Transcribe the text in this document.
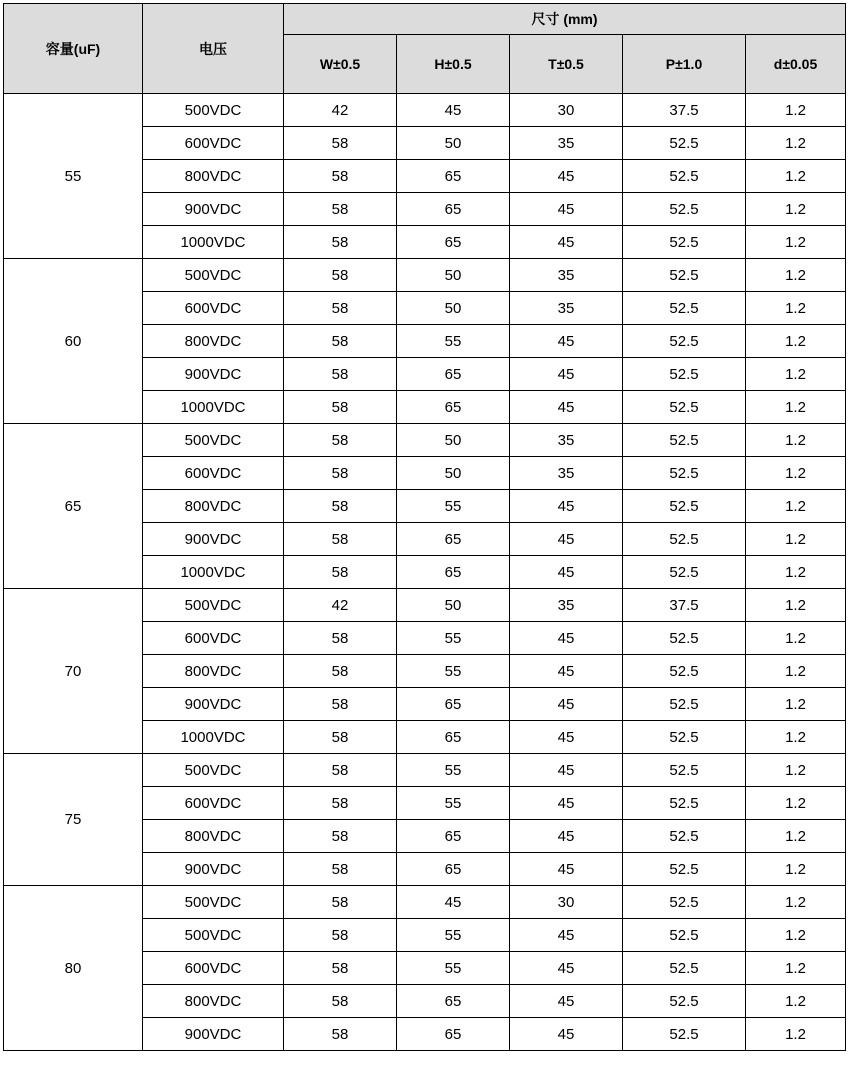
容量(uF)	电压	尺寸 (mm)				
		W±0.5	H±0.5	T±0.5	P±1.0	d±0.05
55	500VDC	42	45	30	37.5	1.2
	600VDC	58	50	35	52.5	1.2
	800VDC	58	65	45	52.5	1.2
	900VDC	58	65	45	52.5	1.2
	1000VDC	58	65	45	52.5	1.2
60	500VDC	58	50	35	52.5	1.2
	600VDC	58	50	35	52.5	1.2
	800VDC	58	55	45	52.5	1.2
	900VDC	58	65	45	52.5	1.2
	1000VDC	58	65	45	52.5	1.2
65	500VDC	58	50	35	52.5	1.2
	600VDC	58	50	35	52.5	1.2
	800VDC	58	55	45	52.5	1.2
	900VDC	58	65	45	52.5	1.2
	1000VDC	58	65	45	52.5	1.2
70	500VDC	42	50	35	37.5	1.2
	600VDC	58	55	45	52.5	1.2
	800VDC	58	55	45	52.5	1.2
	900VDC	58	65	45	52.5	1.2
	1000VDC	58	65	45	52.5	1.2
75	500VDC	58	55	45	52.5	1.2
	600VDC	58	55	45	52.5	1.2
	800VDC	58	65	45	52.5	1.2
	900VDC	58	65	45	52.5	1.2
80	500VDC	58	45	30	52.5	1.2
	500VDC	58	55	45	52.5	1.2
	600VDC	58	55	45	52.5	1.2
	800VDC	58	65	45	52.5	1.2
	900VDC	58	65	45	52.5	1.2
